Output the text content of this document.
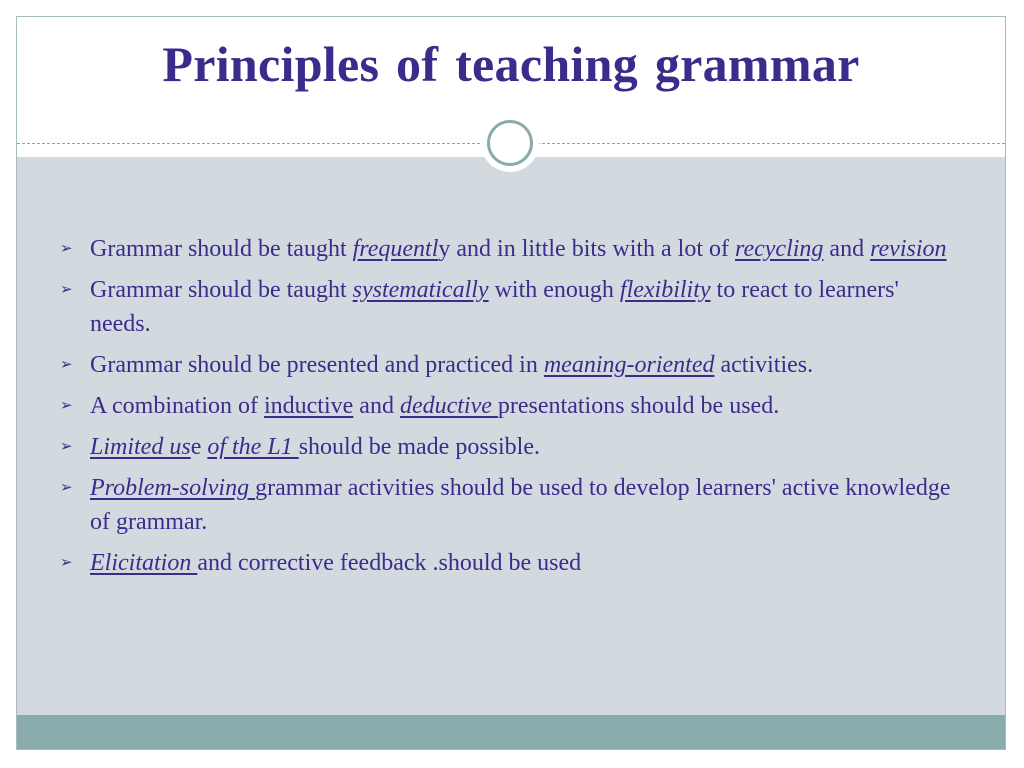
Principles of teaching grammar
➢ Grammar should be taught frequently and in little bits with a lot of recycling and revision
➢ Grammar should be taught systematically with enough flexibility to react to learners' needs.
➢ Grammar should be presented and practiced in meaning-oriented activities.
➢ A combination of inductive and deductive presentations should be used.
➢ Limited use of the L1 should be made possible.
➢ Problem-solving grammar activities should be used to develop learners' active knowledge of grammar.
➢ Elicitation and corrective feedback .should be used
